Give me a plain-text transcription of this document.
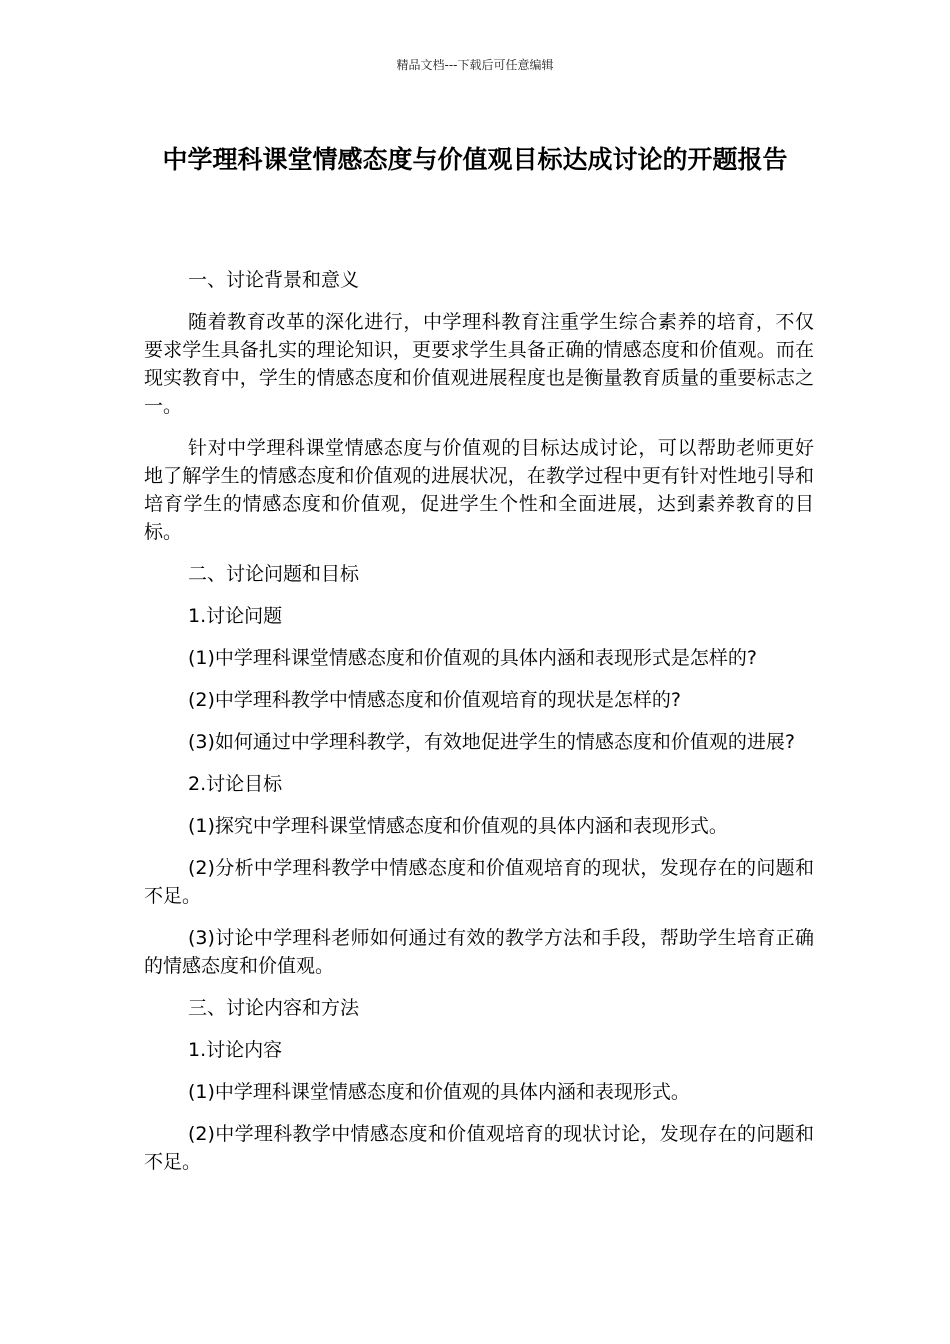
精品文档---下载后可任意编辑
中学理科课堂情感态度与价值观目标达成讨论的开题报告

一、讨论背景和意义

随着教育改革的深化进行，中学理科教育注重学生综合素养的培育，不仅要求学生具备扎实的理论知识，更要求学生具备正确的情感态度和价值观。而在现实教育中，学生的情感态度和价值观进展程度也是衡量教育质量的重要标志之一。

针对中学理科课堂情感态度与价值观的目标达成讨论，可以帮助老师更好地了解学生的情感态度和价值观的进展状况，在教学过程中更有针对性地引导和培育学生的情感态度和价值观，促进学生个性和全面进展，达到素养教育的目标。

二、讨论问题和目标

1.讨论问题

(1)中学理科课堂情感态度和价值观的具体内涵和表现形式是怎样的?

(2)中学理科教学中情感态度和价值观培育的现状是怎样的?

(3)如何通过中学理科教学，有效地促进学生的情感态度和价值观的进展?

2.讨论目标

(1)探究中学理科课堂情感态度和价值观的具体内涵和表现形式。

(2)分析中学理科教学中情感态度和价值观培育的现状，发现存在的问题和不足。

(3)讨论中学理科老师如何通过有效的教学方法和手段，帮助学生培育正确的情感态度和价值观。

三、讨论内容和方法

1.讨论内容

(1)中学理科课堂情感态度和价值观的具体内涵和表现形式。

(2)中学理科教学中情感态度和价值观培育的现状讨论，发现存在的问题和不足。
